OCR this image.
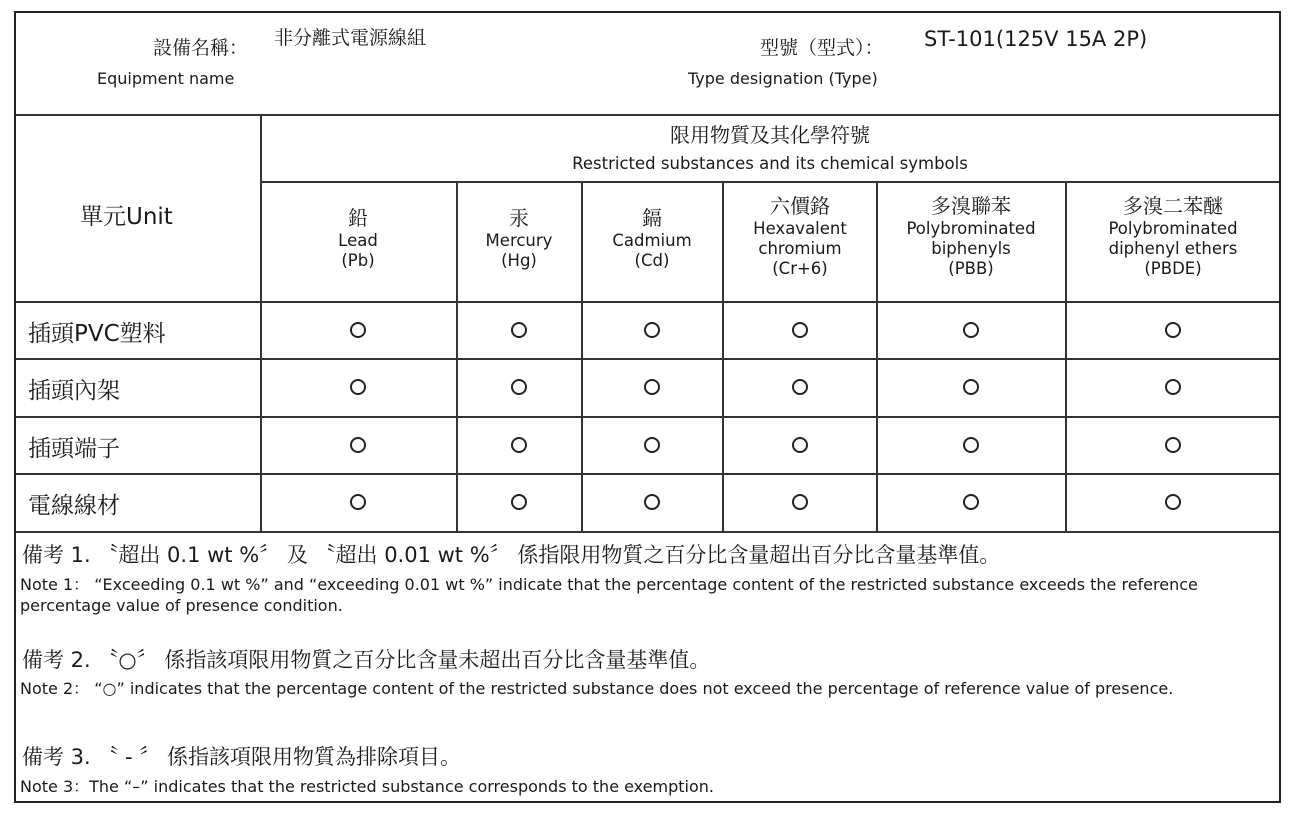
設備名稱： 非分離式電源線組
Equipment name
型號（型式）： ST-101(125V 15A 2P)
Type designation (Type)
單元Unit
限用物質及其化學符號
Restricted substances and its chemical symbols
鉛
Lead
(Pb)
汞
Mercury
(Hg)
鎘
Cadmium
(Cd)
六價鉻
Hexavalent
chromium
(Cr+6)
多溴聯苯
Polybrominated
biphenyls
(PBB)
多溴二苯醚
Polybrominated
diphenyl ethers
(PBDE)
插頭PVC塑料
插頭內架
插頭端子
電線線材
備考 1. 〝超出 0.1 wt %〞 及 〝超出 0.01 wt %〞 係指限用物質之百分比含量超出百分比含量基準值。
Note 1： “Exceeding 0.1 wt %” and “exceeding 0.01 wt %” indicate that the percentage content of the restricted substance exceeds the reference percentage value of presence condition.
備考 2. 〝○〞 係指該項限用物質之百分比含量未超出百分比含量基準值。
Note 2： “○” indicates that the percentage content of the restricted substance does not exceed the percentage of reference value of presence.
備考 3. 〝 - 〞 係指該項限用物質為排除項目。
Note 3：The “–” indicates that the restricted substance corresponds to the exemption.
